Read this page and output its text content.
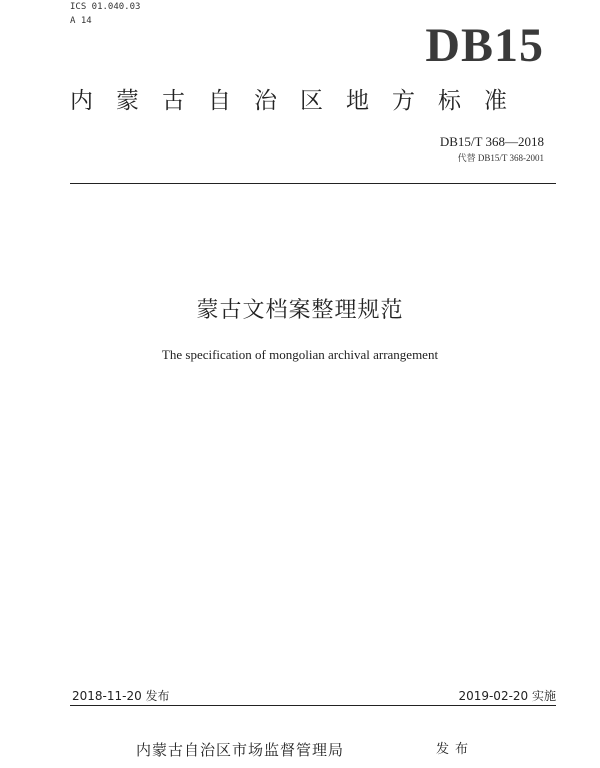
ICS 01.040.03
A 14	DB15
内蒙古自治区地方标准
DB15/T 368—2018
代替 DB15/T 368-2001
蒙古文档案整理规范
The specification of mongolian archival arrangement
2018-11-20 发布	2019-02-20 实施
内蒙古自治区市场监督管理局	发布
